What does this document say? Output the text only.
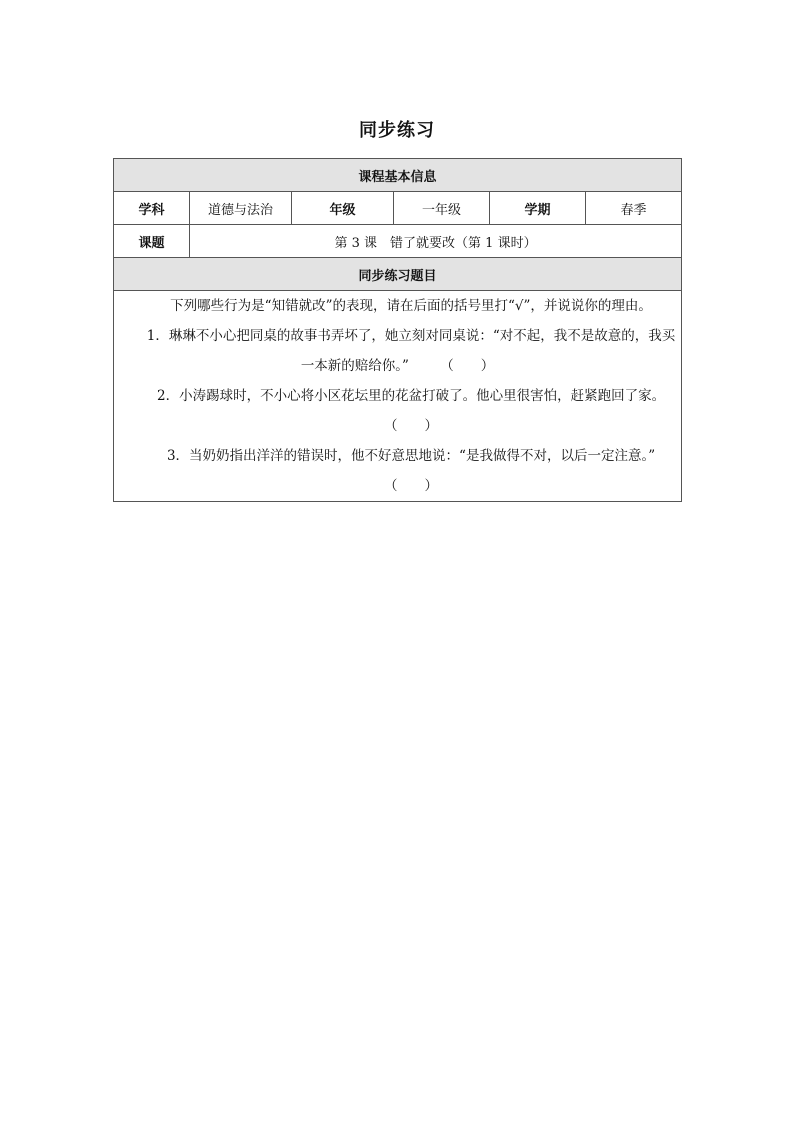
同步练习
课程基本信息					
学科	道德与法治	年级	一年级	学期	春季
课题	第 3 课　错了就要改（第 1 课时）				
同步练习题目					

下列哪些行为是“知错就改”的表现，请在后面的括号里打“√”，并说说你的理由。

1．琳琳不小心把同桌的故事书弄坏了，她立刻对同桌说：“对不起，我不是故意的，我买一本新的赔给你。” （　　）

2．小涛踢球时，不小心将小区花坛里的花盆打破了。他心里很害怕，赶紧跑回了家。 （　　）

3．当奶奶指出洋洋的错误时，他不好意思地说：“是我做得不对，以后一定注意。” （　　）					
